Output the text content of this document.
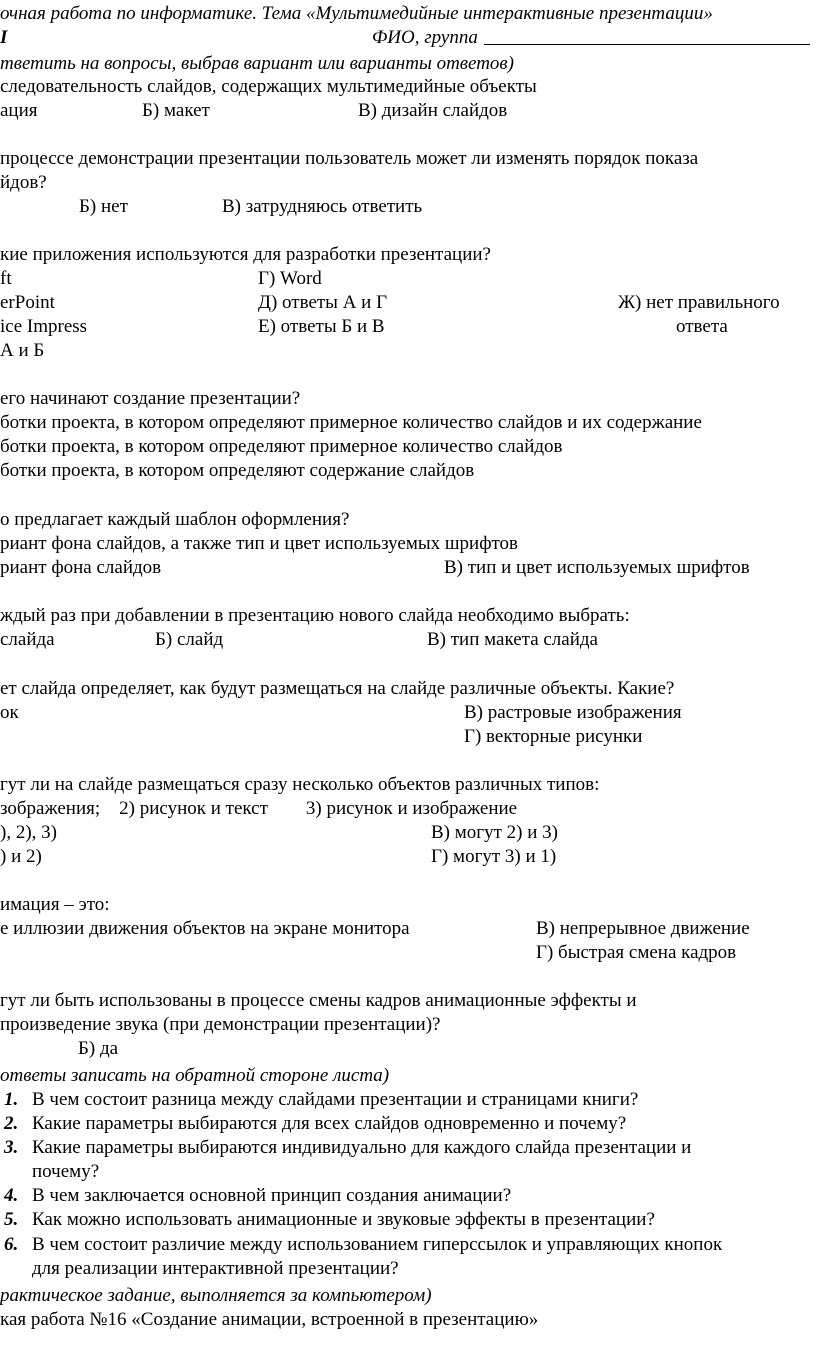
очная работа по информатике. Тема «Мультимедийные интерактивные презентации»
I	ФИО, группа
тветить на вопросы, выбрав вариант или варианты ответов)
следовательность слайдов, содержащих мультимедийные объекты
ация	Б) макет	В) дизайн слайдов
процессе демонстрации презентации пользователь может ли изменять порядок показа
йдов?
Б) нет	В) затрудняюсь ответить
кие приложения используются для разработки презентации?
ft	Г) Word
erPoint	Д) ответы А и Г	Ж) нет правильного
ice Impress	Е) ответы Б и В	ответа
А и Б
его начинают создание презентации?
ботки проекта, в котором определяют примерное количество слайдов и их содержание
ботки проекта, в котором определяют примерное количество слайдов
ботки проекта, в котором определяют содержание слайдов
о предлагает каждый шаблон оформления?
риант фона слайдов, а также тип и цвет используемых шрифтов
риант фона слайдов	В) тип и цвет используемых шрифтов
ждый раз при добавлении в презентацию нового слайда необходимо выбрать:
слайда	Б) слайд	В) тип макета слайда
ет слайда определяет, как будут размещаться на слайде различные объекты. Какие?
ок	В) растровые изображения
Г) векторные рисунки
гут ли на слайде размещаться сразу несколько объектов различных типов:
зображения;    2) рисунок и текст        3) рисунок и изображение
), 2), 3)	В) могут 2) и 3)
) и 2)	Г) могут 3) и 1)
имация – это:
е иллюзии движения объектов на экране монитора	В) непрерывное движение
Г) быстрая смена кадров
гут ли быть использованы в процессе смены кадров анимационные эффекты и
произведение звука (при демонстрации презентации)?
Б) да
ответы записать на обратной стороне листа)
1. В чем состоит разница между слайдами презентации и страницами книги?
2. Какие параметры выбираются для всех слайдов одновременно и почему?
3. Какие параметры выбираются индивидуально для каждого слайда презентации и
почему?
4. В чем заключается основной принцип создания анимации?
5. Как можно использовать анимационные и звуковые эффекты в презентации?
6. В чем состоит различие между использованием гиперссылок и управляющих кнопок
для реализации интерактивной презентации?
рактическое задание, выполняется за компьютером)
кая работа №16 «Создание анимации, встроенной в презентацию»
